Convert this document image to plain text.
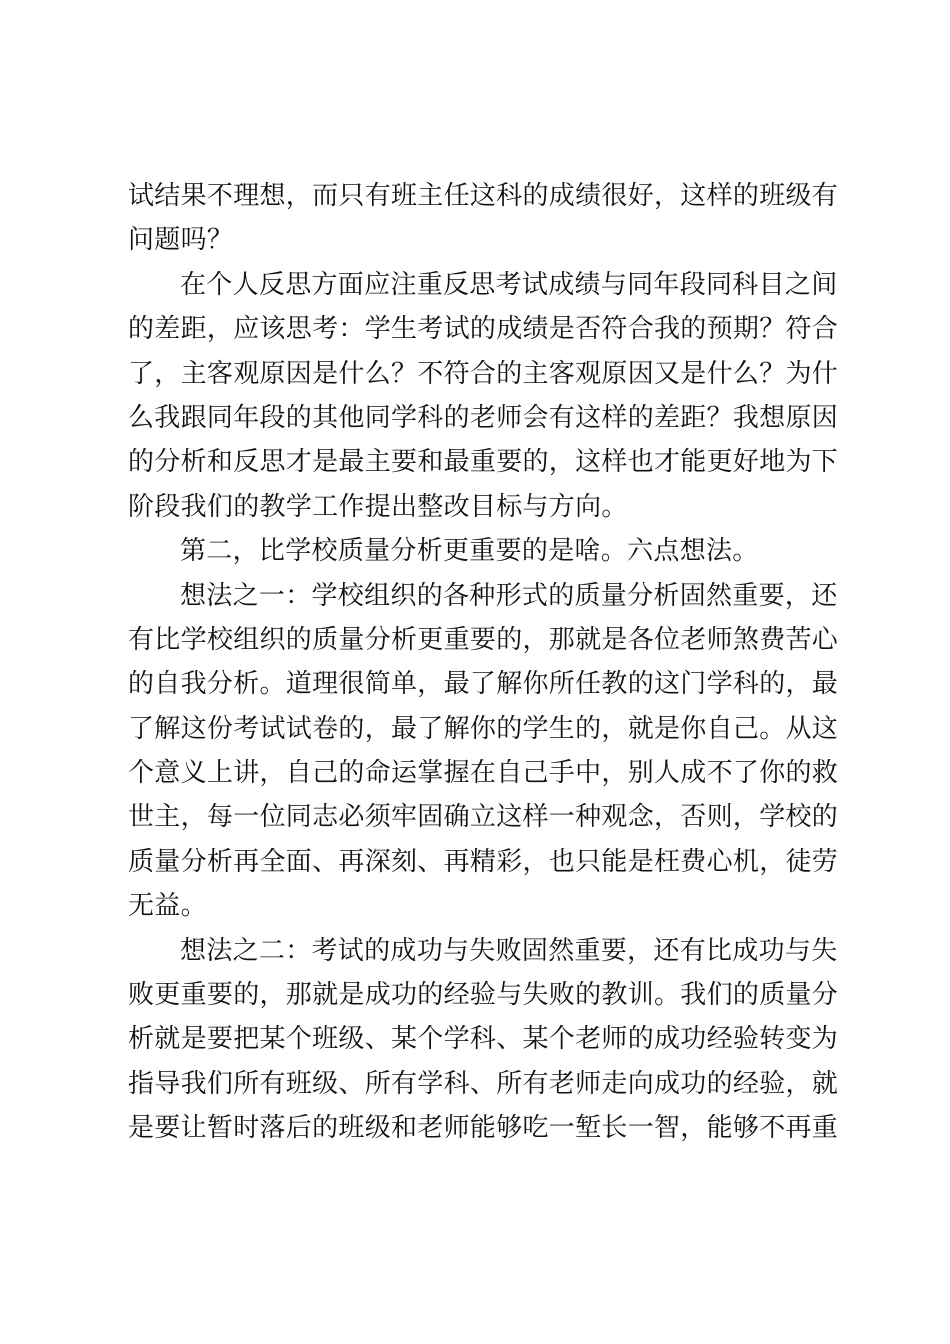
试结果不理想，而只有班主任这科的成绩很好，这样的班级有
问题吗？
在个人反思方面应注重反思考试成绩与同年段同科目之间
的差距，应该思考：学生考试的成绩是否符合我的预期？符合
了，主客观原因是什么？不符合的主客观原因又是什么？为什
么我跟同年段的其他同学科的老师会有这样的差距？我想原因
的分析和反思才是最主要和最重要的，这样也才能更好地为下
阶段我们的教学工作提出整改目标与方向。
第二，比学校质量分析更重要的是啥。六点想法。
想法之一：学校组织的各种形式的质量分析固然重要，还
有比学校组织的质量分析更重要的，那就是各位老师煞费苦心
的自我分析。道理很简单，最了解你所任教的这门学科的，最
了解这份考试试卷的，最了解你的学生的，就是你自己。从这
个意义上讲，自己的命运掌握在自己手中，别人成不了你的救
世主，每一位同志必须牢固确立这样一种观念，否则，学校的
质量分析再全面、再深刻、再精彩，也只能是枉费心机，徒劳
无益。
想法之二：考试的成功与失败固然重要，还有比成功与失
败更重要的，那就是成功的经验与失败的教训。我们的质量分
析就是要把某个班级、某个学科、某个老师的成功经验转变为
指导我们所有班级、所有学科、所有老师走向成功的经验，就
是要让暂时落后的班级和老师能够吃一堑长一智，能够不再重
